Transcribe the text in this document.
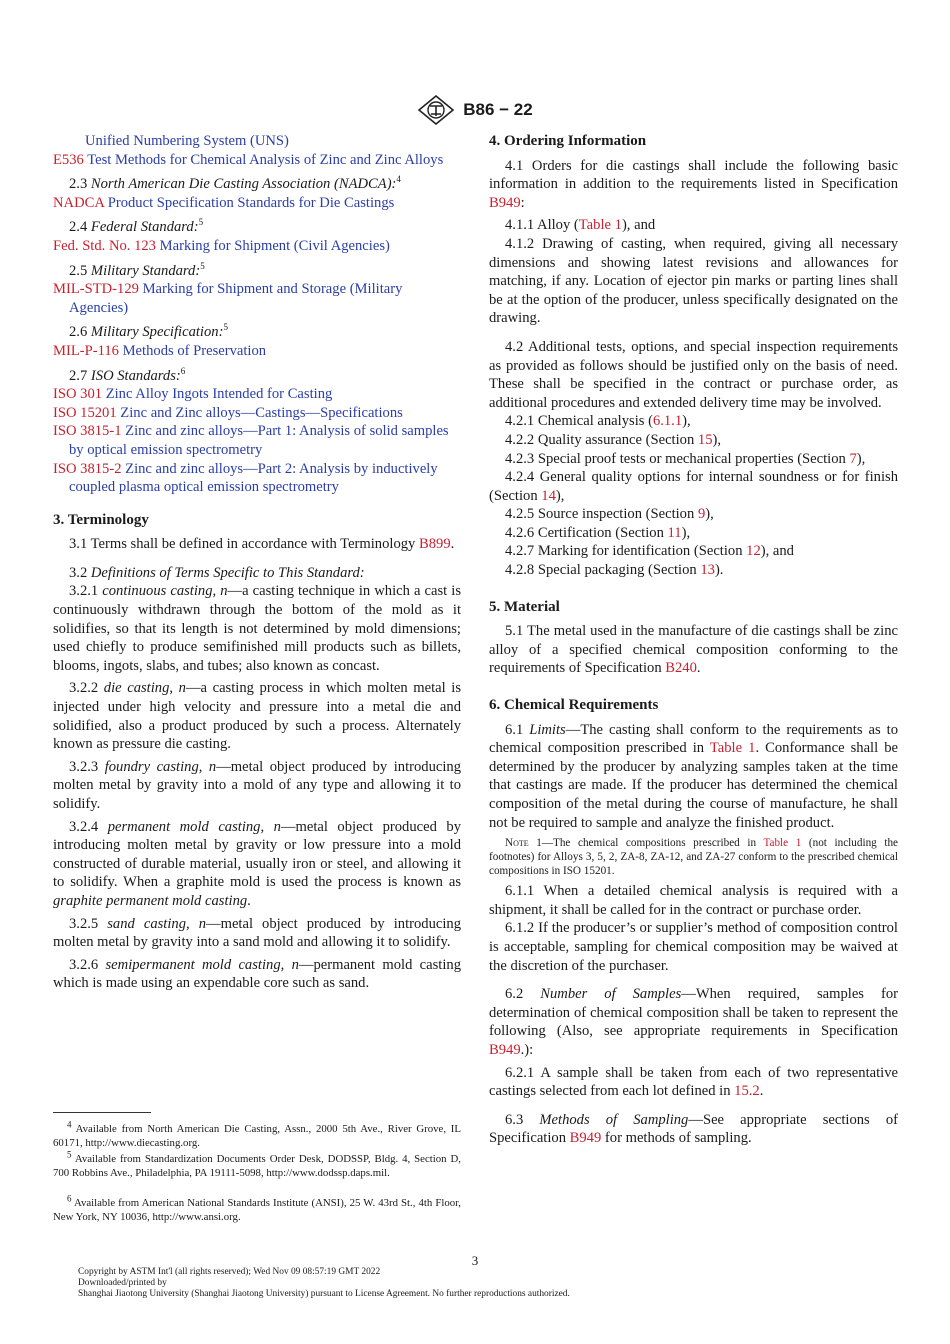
B86 − 22

Unified Numbering System (UNS)

E536 Test Methods for Chemical Analysis of Zinc and Zinc Alloys

2.3 North American Die Casting Association (NADCA):$^4$

NADCA Product Specification Standards for Die Castings

2.4 Federal Standard:$^5$

Fed. Std. No. 123 Marking for Shipment (Civil Agencies)

2.5 Military Standard:$^5$

MIL-STD-129 Marking for Shipment and Storage (Military Agencies)

2.6 Military Specification:$^5$

MIL-P-116 Methods of Preservation

2.7 ISO Standards:$^6$

ISO 301 Zinc Alloy Ingots Intended for Casting

ISO 15201 Zinc and Zinc alloys—Castings—Specifications

ISO 3815-1 Zinc and zinc alloys—Part 1: Analysis of solid samples by optical emission spectrometry

ISO 3815-2 Zinc and zinc alloys—Part 2: Analysis by inductively coupled plasma optical emission spectrometry

3. Terminology

3.1 Terms shall be defined in accordance with Terminology B899.

3.2 Definitions of Terms Specific to This Standard:

3.2.1 continuous casting, n—a casting technique in which a cast is continuously withdrawn through the bottom of the mold as it solidifies, so that its length is not determined by mold dimensions; used chiefly to produce semifinished mill products such as billets, blooms, ingots, slabs, and tubes; also known as concast.

3.2.2 die casting, n—a casting process in which molten metal is injected under high velocity and pressure into a metal die and solidified, also a product produced by such a process. Alternately known as pressure die casting.

3.2.3 foundry casting, n—metal object produced by introducing molten metal by gravity into a mold of any type and allowing it to solidify.

3.2.4 permanent mold casting, n—metal object produced by introducing molten metal by gravity or low pressure into a mold constructed of durable material, usually iron or steel, and allowing it to solidify. When a graphite mold is used the process is known as graphite permanent mold casting.

3.2.5 sand casting, n—metal object produced by introducing molten metal by gravity into a sand mold and allowing it to solidify.

3.2.6 semipermanent mold casting, n—permanent mold casting which is made using an expendable core such as sand.

$^4$ Available from North American Die Casting, Assn., 2000 5th Ave., River Grove, IL 60171, http://www.diecasting.org.
$^5$ Available from Standardization Documents Order Desk, DODSSP, Bldg. 4, Section D, 700 Robbins Ave., Philadelphia, PA 19111-5098, http://www.dodssp.daps.mil.
$^6$ Available from American National Standards Institute (ANSI), 25 W. 43rd St., 4th Floor, New York, NY 10036, http://www.ansi.org.
4. Ordering Information

4.1 Orders for die castings shall include the following basic information in addition to the requirements listed in Specification B949:

4.1.1 Alloy (Table 1), and

4.1.2 Drawing of casting, when required, giving all necessary dimensions and showing latest revisions and allowances for matching, if any. Location of ejector pin marks or parting lines shall be at the option of the producer, unless specifically designated on the drawing.

4.2 Additional tests, options, and special inspection requirements as provided as follows should be justified only on the basis of need. These shall be specified in the contract or purchase order, as additional procedures and extended delivery time may be involved.

4.2.1 Chemical analysis (6.1.1),

4.2.2 Quality assurance (Section 15),

4.2.3 Special proof tests or mechanical properties (Section 7),

4.2.4 General quality options for internal soundness or for finish (Section 14),

4.2.5 Source inspection (Section 9),

4.2.6 Certification (Section 11),

4.2.7 Marking for identification (Section 12), and

4.2.8 Special packaging (Section 13).

5. Material

5.1 The metal used in the manufacture of die castings shall be zinc alloy of a specified chemical composition conforming to the requirements of Specification B240.

6. Chemical Requirements

6.1 Limits—The casting shall conform to the requirements as to chemical composition prescribed in Table 1. Conformance shall be determined by the producer by analyzing samples taken at the time that castings are made. If the producer has determined the chemical composition of the metal during the course of manufacture, he shall not be required to sample and analyze the finished product.

Note 1—The chemical compositions prescribed in Table 1 (not including the footnotes) for Alloys 3, 5, 2, ZA-8, ZA-12, and ZA-27 conform to the prescribed chemical compositions in ISO 15201.

6.1.1 When a detailed chemical analysis is required with a shipment, it shall be called for in the contract or purchase order.

6.1.2 If the producer’s or supplier’s method of composition control is acceptable, sampling for chemical composition may be waived at the discretion of the purchaser.

6.2 Number of Samples—When required, samples for determination of chemical composition shall be taken to represent the following (Also, see appropriate requirements in Specification B949.):

6.2.1 A sample shall be taken from each of two representative castings selected from each lot defined in 15.2.

6.3 Methods of Sampling—See appropriate sections of Specification B949 for methods of sampling.

3
Copyright by ASTM Int'l (all rights reserved); Wed Nov 09 08:57:19 GMT 2022
Downloaded/printed by
Shanghai Jiaotong University (Shanghai Jiaotong University) pursuant to License Agreement. No further reproductions authorized.
